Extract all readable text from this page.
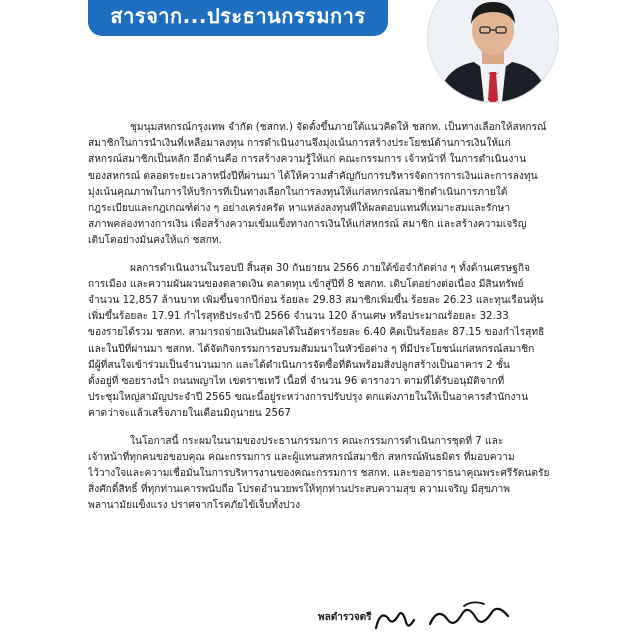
สารจาก...ประธานกรรมการ
ชุมนุมสหกรณ์กรุงเทพ จำกัด (ชสกท.) จัดตั้งขึ้นภายใต้แนวคิดให้ ชสกท. เป็นทางเลือกให้สหกรณ์
สมาชิกในการนำเงินที่เหลือมาลงทุน การดำเนินงานจึงมุ่งเน้นการสร้างประโยชน์ด้านการเงินให้แก่
สหกรณ์สมาชิกเป็นหลัก อีกด้านคือ การสร้างความรู้ให้แก่ คณะกรรมการ เจ้าหน้าที่ ในการดำเนินงาน
ของสหกรณ์ ตลอดระยะเวลาหนึ่งปีที่ผ่านมา ได้ให้ความสำคัญกับการบริหารจัดการการเงินและการลงทุน
มุ่งเน้นคุณภาพในการให้บริการที่เป็นทางเลือกในการลงทุนให้แก่สหกรณ์สมาชิกดำเนินการภายใต้
กฎระเบียบและกฎเกณฑ์ต่าง ๆ อย่างเคร่งครัด หาแหล่งลงทุนที่ให้ผลตอบแทนที่เหมาะสมและรักษา
สภาพคล่องทางการเงิน เพื่อสร้างความเข้มแข็งทางการเงินให้แก่สหกรณ์ สมาชิก และสร้างความเจริญ
เติบโตอย่างมั่นคงให้แก่ ชสกท.
ผลการดำเนินงานในรอบปี สิ้นสุด 30 กันยายน 2566 ภายใต้ข้อจำกัดต่าง ๆ ทั้งด้านเศรษฐกิจ
การเมือง และความผันผวนของตลาดเงิน ตลาดทุน เข้าสู่ปีที่ 8 ชสกท. เติบโตอย่างต่อเนื่อง มีสินทรัพย์
จำนวน 12,857 ล้านบาท เพิ่มขึ้นจากปีก่อน ร้อยละ 29.83 สมาชิกเพิ่มขึ้น ร้อยละ 26.23 และทุนเรือนหุ้น
เพิ่มขึ้นร้อยละ 17.91 กำไรสุทธิประจำปี 2566 จำนวน 120 ล้านเศษ หรือประมาณร้อยละ 32.33
ของรายได้รวม ชสกท. สามารถจ่ายเงินปันผลได้ในอัตราร้อยละ 6.40 คิดเป็นร้อยละ 87.15 ของกำไรสุทธิ
และในปีที่ผ่านมา ชสกท. ได้จัดกิจกรรมการอบรมสัมมนาในหัวข้อต่าง ๆ ที่มีประโยชน์แก่สหกรณ์สมาชิก
มีผู้ที่สนใจเข้าร่วมเป็นจำนวนมาก และได้ดำเนินการจัดซื้อที่ดินพร้อมสิ่งปลูกสร้างเป็นอาคาร 2 ชั้น
ตั้งอยู่ที่ ซอยรางน้ำ ถนนพญาไท เขตราชเทวี เนื้อที่ จำนวน 96 ตารางวา ตามที่ได้รับอนุมัติจากที่
ประชุมใหญ่สามัญประจำปี 2565 ขณะนี้อยู่ระหว่างการปรับปรุง ตกแต่งภายในให้เป็นอาคารสำนักงาน
คาดว่าจะแล้วเสร็จภายในเดือนมิถุนายน 2567
ในโอกาสนี้ กระผมในนามของประธานกรรมการ คณะกรรมการดำเนินการชุดที่ 7 และ
เจ้าหน้าที่ทุกคนขอขอบคุณ คณะกรรมการ และผู้แทนสหกรณ์สมาชิก สหกรณ์พันธมิตร ที่มอบความ
ไว้วางใจและความเชื่อมั่นในการบริหารงานของคณะกรรมการ ชสกท. และขออาราธนาคุณพระศรีรัตนตรัย
สิ่งศักดิ์สิทธิ์ ที่ทุกท่านเคารพนับถือ โปรดอำนวยพรให้ทุกท่านประสบความสุข ความเจริญ มีสุขภาพ
พลานามัยแข็งแรง ปราศจากโรคภัยไข้เจ็บทั้งปวง
พลตำรวจตรี
